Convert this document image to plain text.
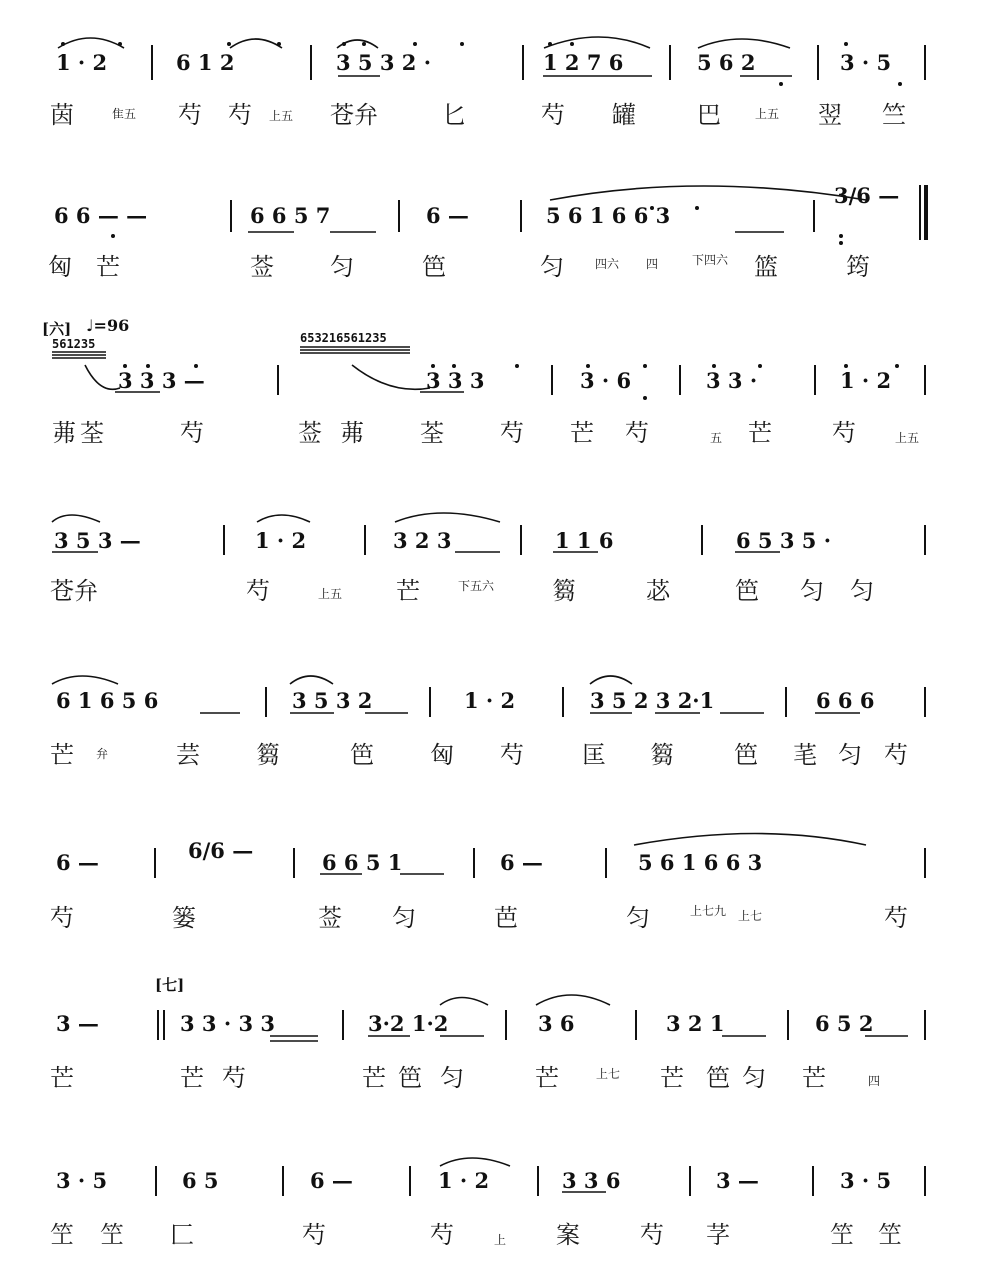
[六] ♩=96
561235	653216561235
[七]
1 · 2	6 1 2	3 5 3 2 ·	1 2 7 6	5 6 2	3 · 5
茵	隹五 芍 芍 上五 苍弁	匕	芍 罐	巴	上五 翌 竺
6 6 — —	6 6 5 7	6 —	5 6 1 6 6 3
3/6 —
匈 芒	莶 匀	笆	匀	四六 四	下四六 篮	筠
3 3 3 —	3 3 3	3 · 6	3 3 ·	1 · 2
茀 荃	芍	莶 茀 荃 芍 芒 芍	五 芒	芍	上五
3 5 3 —	1 · 2	3 2 3	1 1 6	6 5 3 5 ·
苍弁	芍	上五 芒	下五六 篘	苾	笆 匀 匀
6 1 6 5 6	3 5 3 2	1 · 2	3 5 2 3 2·1	6 6 6
芒 弁	芸 篘	笆 匈 芍 匡 篘	笆 芼 匀 芍
6 —	6/6 —	6 6 5 1	6 —	5 6 1 6 6 3
芍	篓	莶 匀	芭	匀	上七九 上七	芍
3 —	3 3 · 3 3	3·2 1·2	3 6	3 2 1	6 5 2
芒	芒 芍	芒 笆 匀	芒	上七 芒 笆 匀 芒	四
3 · 5	6 5	6 —	1 · 2	3 3 6	3 —	3 · 5
笁 笁 匚	芍	芍	上 案	芍 芓	笁 笁
